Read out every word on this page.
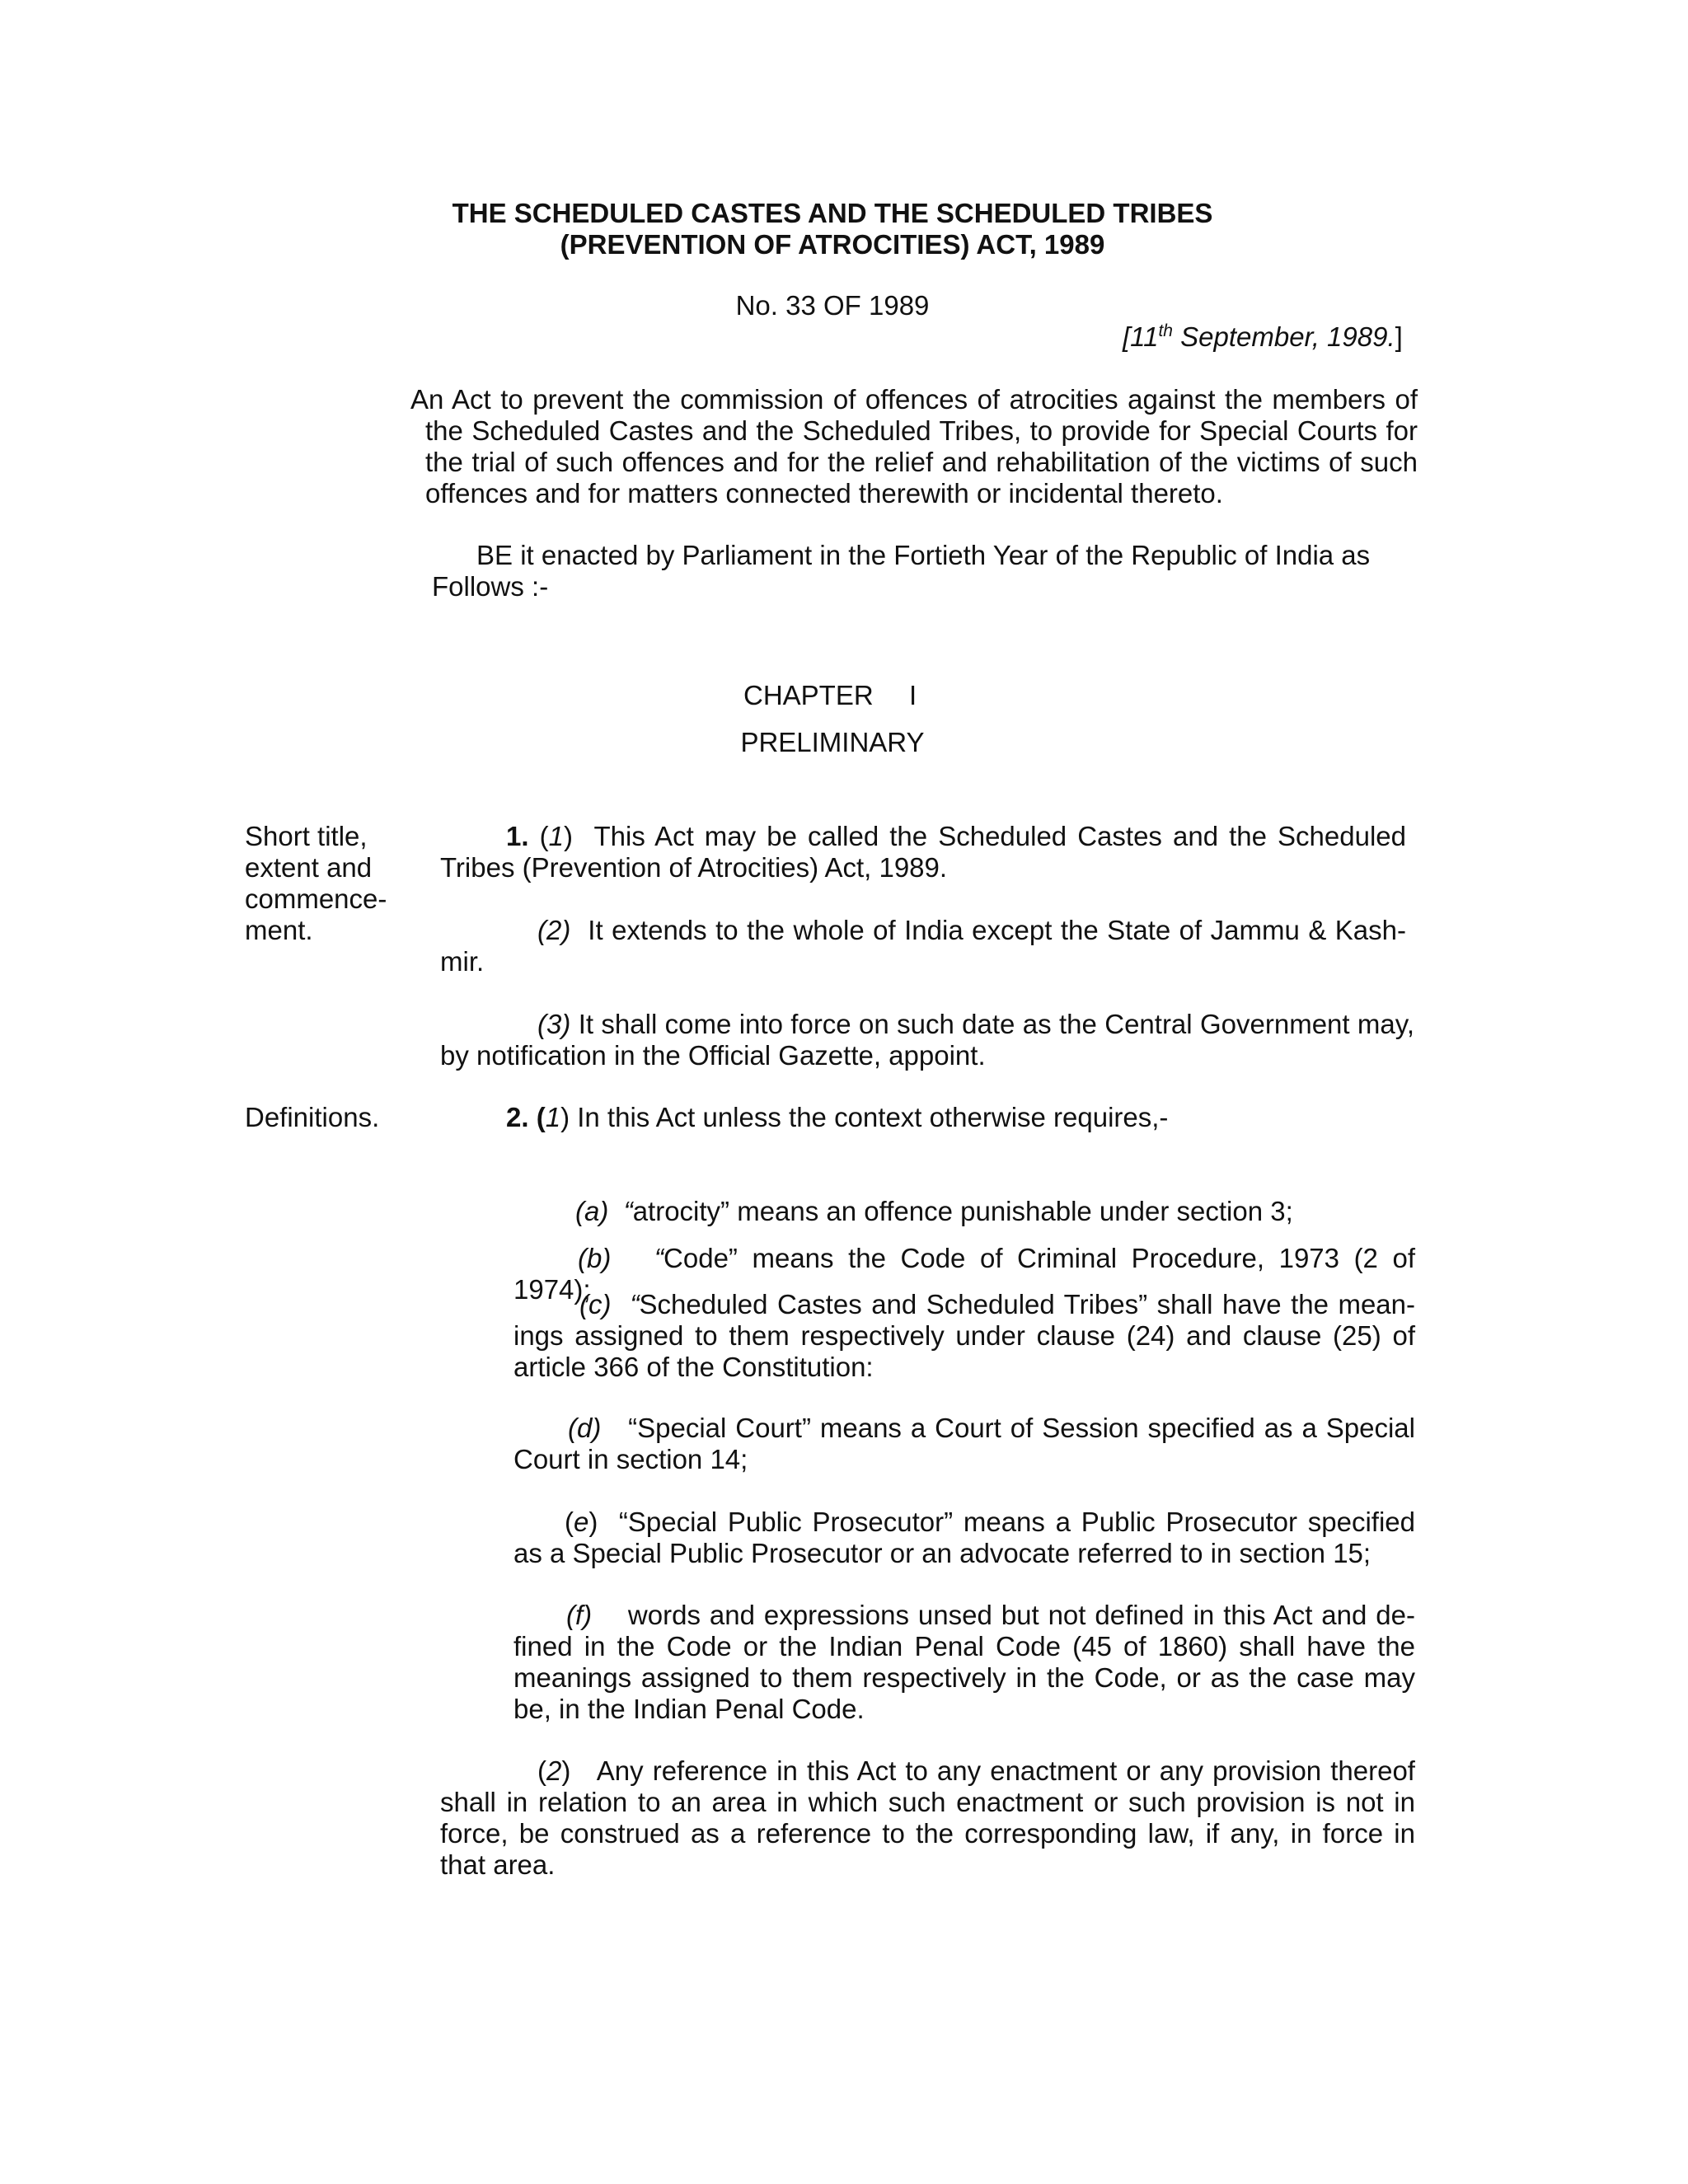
THE SCHEDULED CASTES AND THE SCHEDULED TRIBES
(PREVENTION OF ATROCITIES) ACT, 1989
No. 33 OF 1989
[11th September, 1989.]
An Act to prevent the commission of offences of atrocities against the members of the Scheduled Castes and the Scheduled Tribes, to provide for Special Courts for the trial of such offences and for the relief and rehabilitation of the victims of such offences and for matters connected therewith or incidental thereto.
BE it enacted by Parliament in the Fortieth Year of the Republic of India as
Follows :-
CHAPTER I
PRELIMINARY
Short title,
extent and
commence-
ment.
1. (1)  This Act may be called the Scheduled Castes and the Scheduled Tribes (Prevention of Atrocities) Act, 1989.
(2) It extends to the whole of India except the State of Jammu & Kash- mir.
(3) It shall come into force on such date as the Central Government may, by notification in the Official Gazette, appoint.
Definitions.	2. (1) In this Act unless the context otherwise requires,-
(a) “atrocity” means an offence punishable under section 3;
(b) “Code” means the Code of Criminal Procedure, 1973 (2 of 1974);
(c) “Scheduled Castes and Scheduled Tribes” shall have the mean- ings assigned to them respectively under clause (24) and clause (25) of article 366 of the Constitution:
(d) “Special Court” means a Court of Session specified as a Special Court in section 14;
(e)  “Special Public Prosecutor” means a Public Prosecutor specified as a Special Public Prosecutor or an advocate referred to in section 15;
(f) words and expressions unsed but not defined in this Act and de- fined in the Code or the Indian Penal Code (45 of 1860) shall have the meanings assigned to them respectively in the Code, or as the case may be, in the Indian Penal Code.
(2)   Any reference in this Act to any enactment or any provision thereof shall in relation to an area in which such enactment or such provision is not in force, be construed as a reference to the corresponding law, if any, in force in that area.
